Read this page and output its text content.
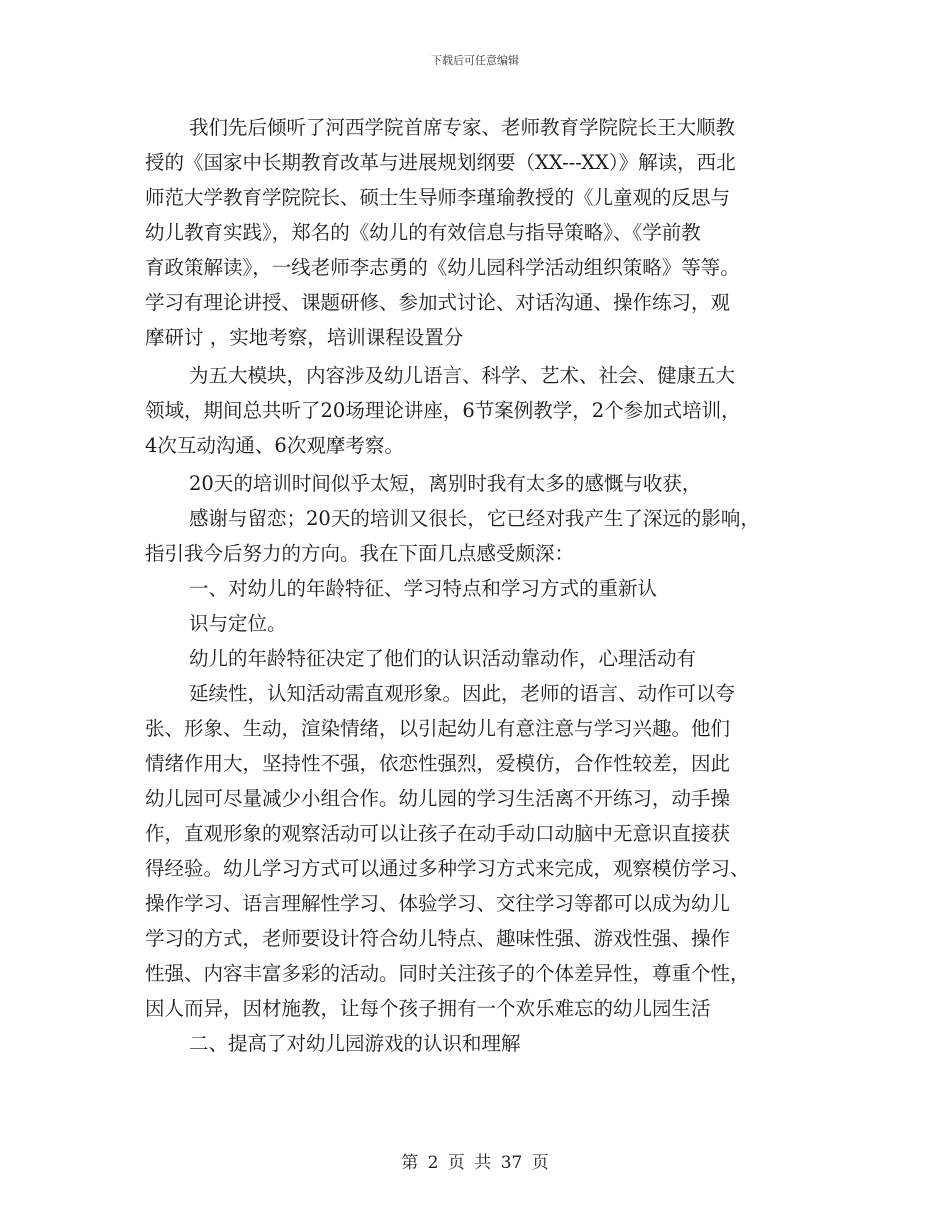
下载后可任意编辑
我们先后倾听了河西学院首席专家、老师教育学院院长王大顺教
授的《国家中长期教育改革与进展规划纲要（XX---XX）》解读，西北
师范大学教育学院院长、硕士生导师李瑾瑜教授的《儿童观的反思与
幼儿教育实践》，郑名的《幼儿的有效信息与指导策略》、《学前教
育政策解读》，一线老师李志勇的《幼儿园科学活动组织策略》等等。
学习有理论讲授、课题研修、参加式讨论、对话沟通、操作练习，观
摩研讨 ，实地考察，培训课程设置分
为五大模块，内容涉及幼儿语言、科学、艺术、社会、健康五大
领域，期间总共听了20场理论讲座，6节案例教学，2个参加式培训，
4次互动沟通、6次观摩考察。
20天的培训时间似乎太短，离别时我有太多的感慨与收获，
感谢与留恋；20天的培训又很长，它已经对我产生了深远的影响，
指引我今后努力的方向。我在下面几点感受颇深：
一、对幼儿的年龄特征、学习特点和学习方式的重新认
识与定位。
幼儿的年龄特征决定了他们的认识活动靠动作，心理活动有
延续性，认知活动需直观形象。因此，老师的语言、动作可以夸
张、形象、生动，渲染情绪，以引起幼儿有意注意与学习兴趣。他们
情绪作用大，坚持性不强，依恋性强烈，爱模仿，合作性较差，因此
幼儿园可尽量减少小组合作。幼儿园的学习生活离不开练习，动手操
作，直观形象的观察活动可以让孩子在动手动口动脑中无意识直接获
得经验。幼儿学习方式可以通过多种学习方式来完成，观察模仿学习、
操作学习、语言理解性学习、体验学习、交往学习等都可以成为幼儿
学习的方式，老师要设计符合幼儿特点、趣味性强、游戏性强、操作
性强、内容丰富多彩的活动。同时关注孩子的个体差异性，尊重个性，
因人而异，因材施教，让每个孩子拥有一个欢乐难忘的幼儿园生活
二、提高了对幼儿园游戏的认识和理解
第 2 页 共 37 页
